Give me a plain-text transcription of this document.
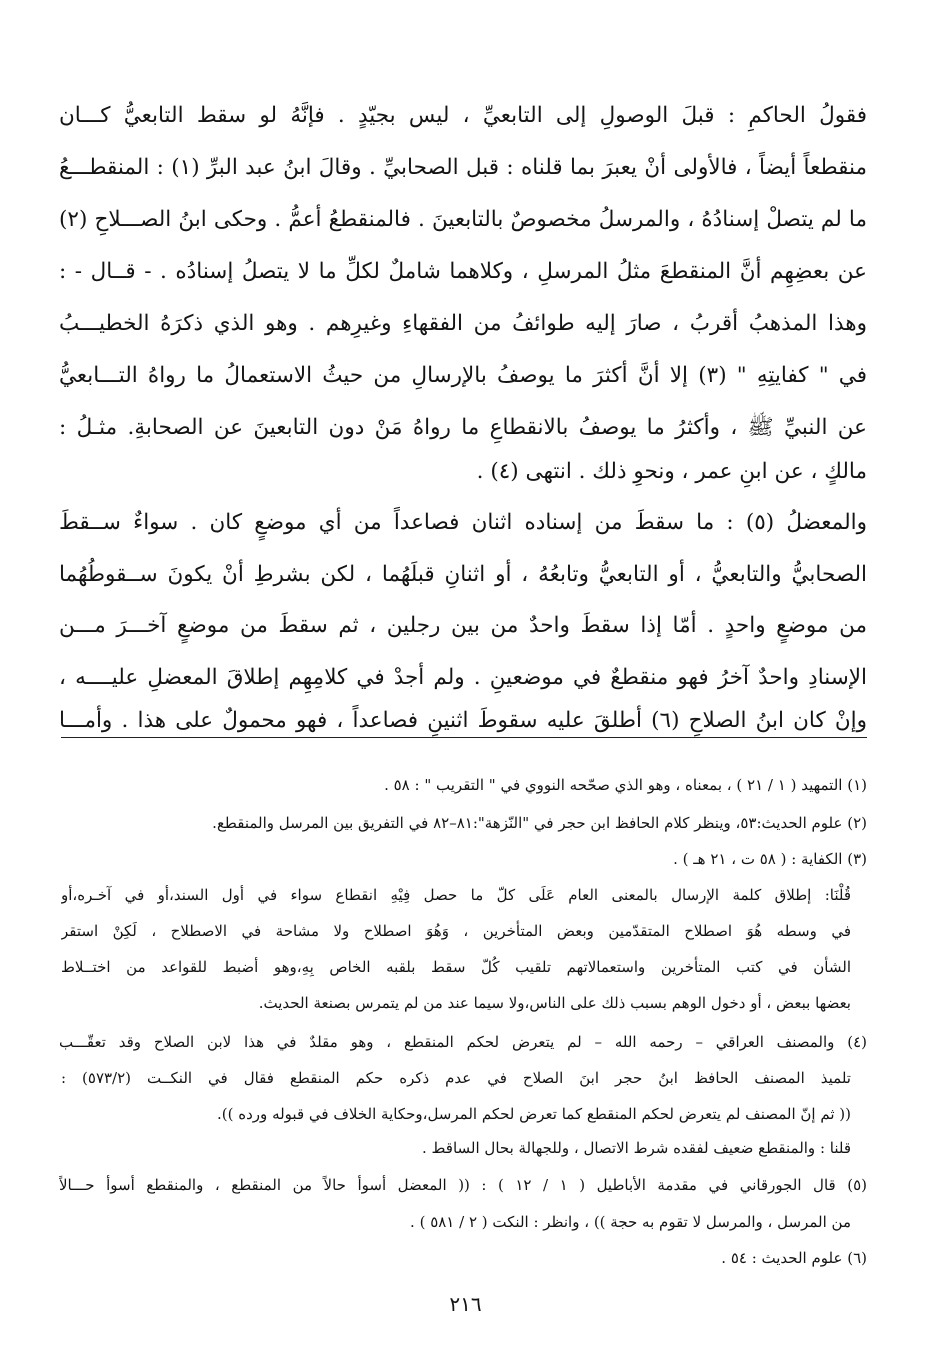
فقولُ الحاكمِ : قبلَ الوصولِ إلى التابعيِّ ، ليس بجيّدٍ . فإنَّهُ لو سقط التابعيُّ كـــان
منقطعاً أيضاً ، فالأولى أنْ يعبرَ بما قلناه : قبل الصحابيِّ . وقالَ ابنُ عبد البرِّ (١) : المنقطـــعُ
ما لم يتصلْ إسنادُهُ ، والمرسلُ مخصوصٌ بالتابعينَ . فالمنقطعُ أعمُّ . وحكى ابنُ الصـــلاحِ (٢)
عن بعضِهِم أنَّ المنقطعَ مثلُ المرسلِ ، وكلاهما شاملٌ لكلِّ ما لا يتصلُ إسنادُه . - قــال - :
وهذا المذهبُ أقربُ ، صارَ إليه طوائفُ من الفقهاءِ وغيرِهم . وهو الذي ذكرَهُ الخطيـــبُ
في " كفايتِهِ " (٣) إلا أنَّ أكثرَ ما يوصفُ بالإرسالِ من حيثُ الاستعمالُ ما رواهُ التـــابعيُّ
عن النبيِّ ﷺ ، وأكثرُ ما يوصفُ بالانقطاعِ ما رواهُ مَنْ دون التابعينَ عن الصحابةِ. مثـلُ :
مالكٍ ، عن ابنِ عمر ، ونحوِ ذلك . انتهى (٤) .
والمعضلُ (٥) : ما سقطَ من إسناده اثنان فصاعداً من أي موضعٍ كان . سواءٌ ســقطَ
الصحابيُّ والتابعيُّ ، أو التابعيُّ وتابعُهُ ، أو اثنانِ قبلَهُما ، لكن بشرطِ أنْ يكونَ ســقوطُهُما
من موضعٍ واحدٍ . أمّا إذا سقطَ واحدٌ من بين رجلين ، ثم سقطَ من موضعٍ آخـــرَ مـــن
الإسنادِ واحدٌ آخرُ فهو منقطعٌ في موضعينِ . ولم أجدْ في كلامِهِم إطلاقَ المعضلِ عليــــه ،
وإنْ كان ابنُ الصلاحِ (٦) أطلقَ عليه سقوطَ اثنينِ فصاعداً ، فهو محمولٌ على هذا . وأمـــا
(١) التمهيد ( ١ / ٢١ ) ، بمعناه ، وهو الذي صحّحه النووي في " التقريب " : ٥٨ .
(٢) علوم الحديث:٥٣، وينظر كلام الحافظ ابن حجر في "النّزهة":٨١–٨٢ في التفريق بين المرسل والمنقطع.
(٣) الكفاية : ( ٥٨ ت ، ٢١ هـ ) .
قُلْنَا: إطلاق كلمة الإرسال بالمعنى العام عَلَى كلّ ما حصل فِيْهِ انقطاع سواء في أول السند،أو في آخـره،أو
في وسطه هُوَ اصطلاح المتقدّمين وبعض المتأخرين ، وَهُوَ اصطلاح ولا مشاحة في الاصطلاح ، لَكِنْ استقر
الشأن في كتب المتأخرين واستعمالاتهم تلقيب كُلّ سقط بلقبه الخاص بِهِ،وهو أضبط للقواعد من اختــلاط
بعضها ببعض ، أو دخول الوهم بسبب ذلك على الناس،ولا سيما عند من لم يتمرس بصنعة الحديث.
(٤) والمصنف العراقي – رحمه الله – لم يتعرض لحكم المنقطع ، وهو مقلدٌ في هذا لابن الصلاح وقد تعقّـــب
تلميذ المصنف الحافظ ابنُ حجر ابنَ الصلاح في عدم ذكره حكم المنقطع فقال في النكــت (٥٧٣/٢) :
(( ثم إنّ المصنف لم يتعرض لحكم المنقطع كما تعرض لحكم المرسل،وحكاية الخلاف في قبوله ورده )).
قلنا : والمنقطع ضعيف لفقده شرط الاتصال ، وللجهالة بحال الساقط .
(٥) قال الجورقاني في مقدمة الأباطيل ( ١ / ١٢ ) : (( المعضل أسوأ حالاً من المنقطع ، والمنقطع أسوأ حـــالاً
من المرسل ، والمرسل لا تقوم به حجة )) ، وانظر : النكت ( ٢ / ٥٨١ ) .
(٦) علوم الحديث : ٥٤ .
٢١٦
